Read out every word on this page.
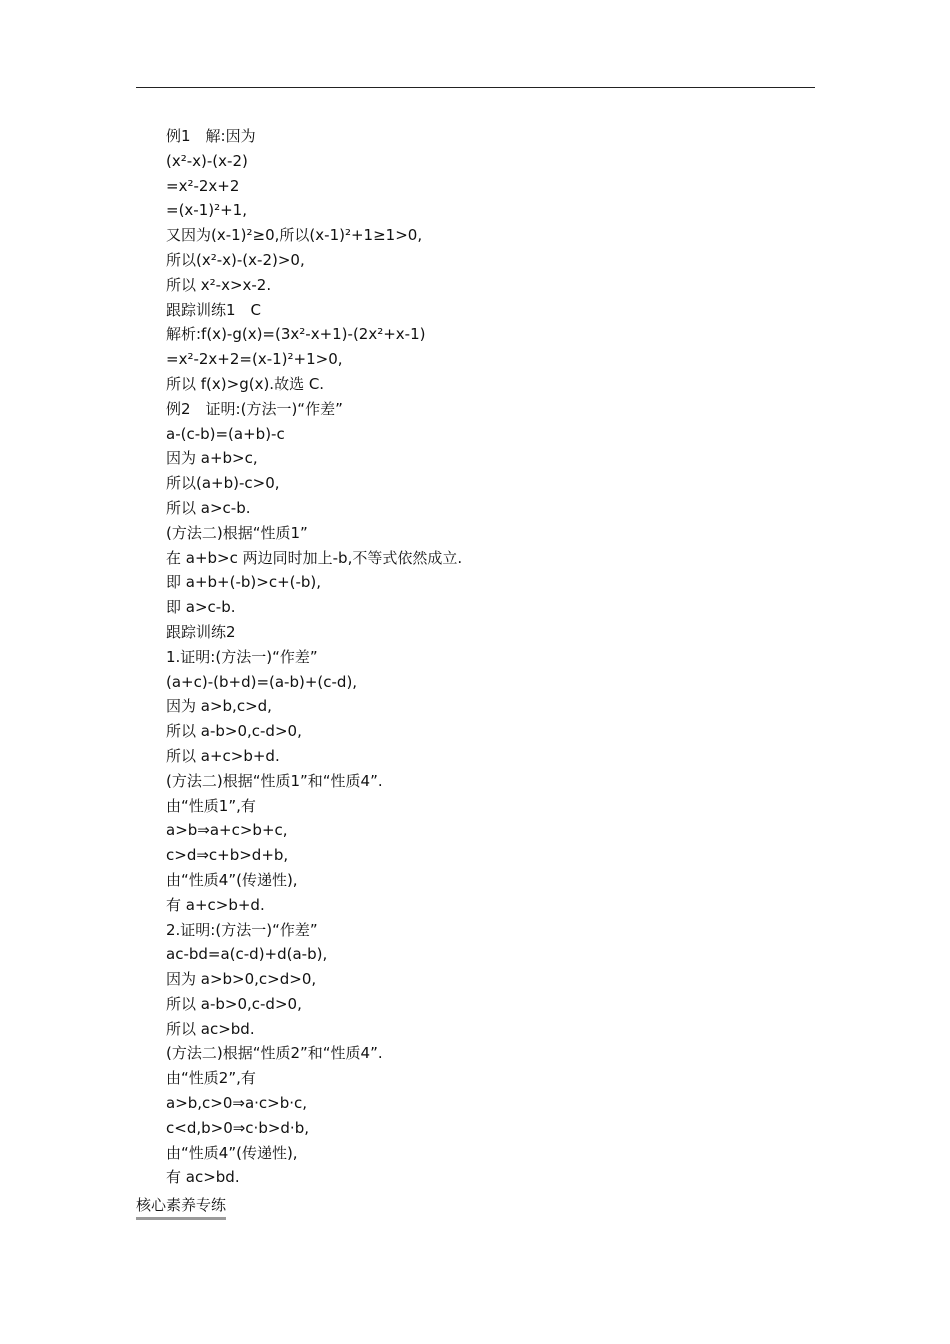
例1　解:因为
(x²-x)-(x-2)
=x²-2x+2
=(x-1)²+1,
又因为(x-1)²≥0,所以(x-1)²+1≥1>0,
所以(x²-x)-(x-2)>0,
所以 x²-x>x-2.
跟踪训练1　C
解析:f(x)-g(x)=(3x²-x+1)-(2x²+x-1)
=x²-2x+2=(x-1)²+1>0,
所以 f(x)>g(x).故选 C.
例2　证明:(方法一)“作差”
a-(c-b)=(a+b)-c
因为 a+b>c,
所以(a+b)-c>0,
所以 a>c-b.
(方法二)根据“性质1”
在 a+b>c 两边同时加上-b,不等式依然成立.
即 a+b+(-b)>c+(-b),
即 a>c-b.
跟踪训练2
1.证明:(方法一)“作差”
(a+c)-(b+d)=(a-b)+(c-d),
因为 a>b,c>d,
所以 a-b>0,c-d>0,
所以 a+c>b+d.
(方法二)根据“性质1”和“性质4”.
由“性质1”,有
a>b⇒a+c>b+c,
c>d⇒c+b>d+b,
由“性质4”(传递性),
有 a+c>b+d.
2.证明:(方法一)“作差”
ac-bd=a(c-d)+d(a-b),
因为 a>b>0,c>d>0,
所以 a-b>0,c-d>0,
所以 ac>bd.
(方法二)根据“性质2”和“性质4”.
由“性质2”,有
a>b,c>0⇒a·c>b·c,
c<d,b>0⇒c·b>d·b,
由“性质4”(传递性),
有 ac>bd.
核心素养专练
